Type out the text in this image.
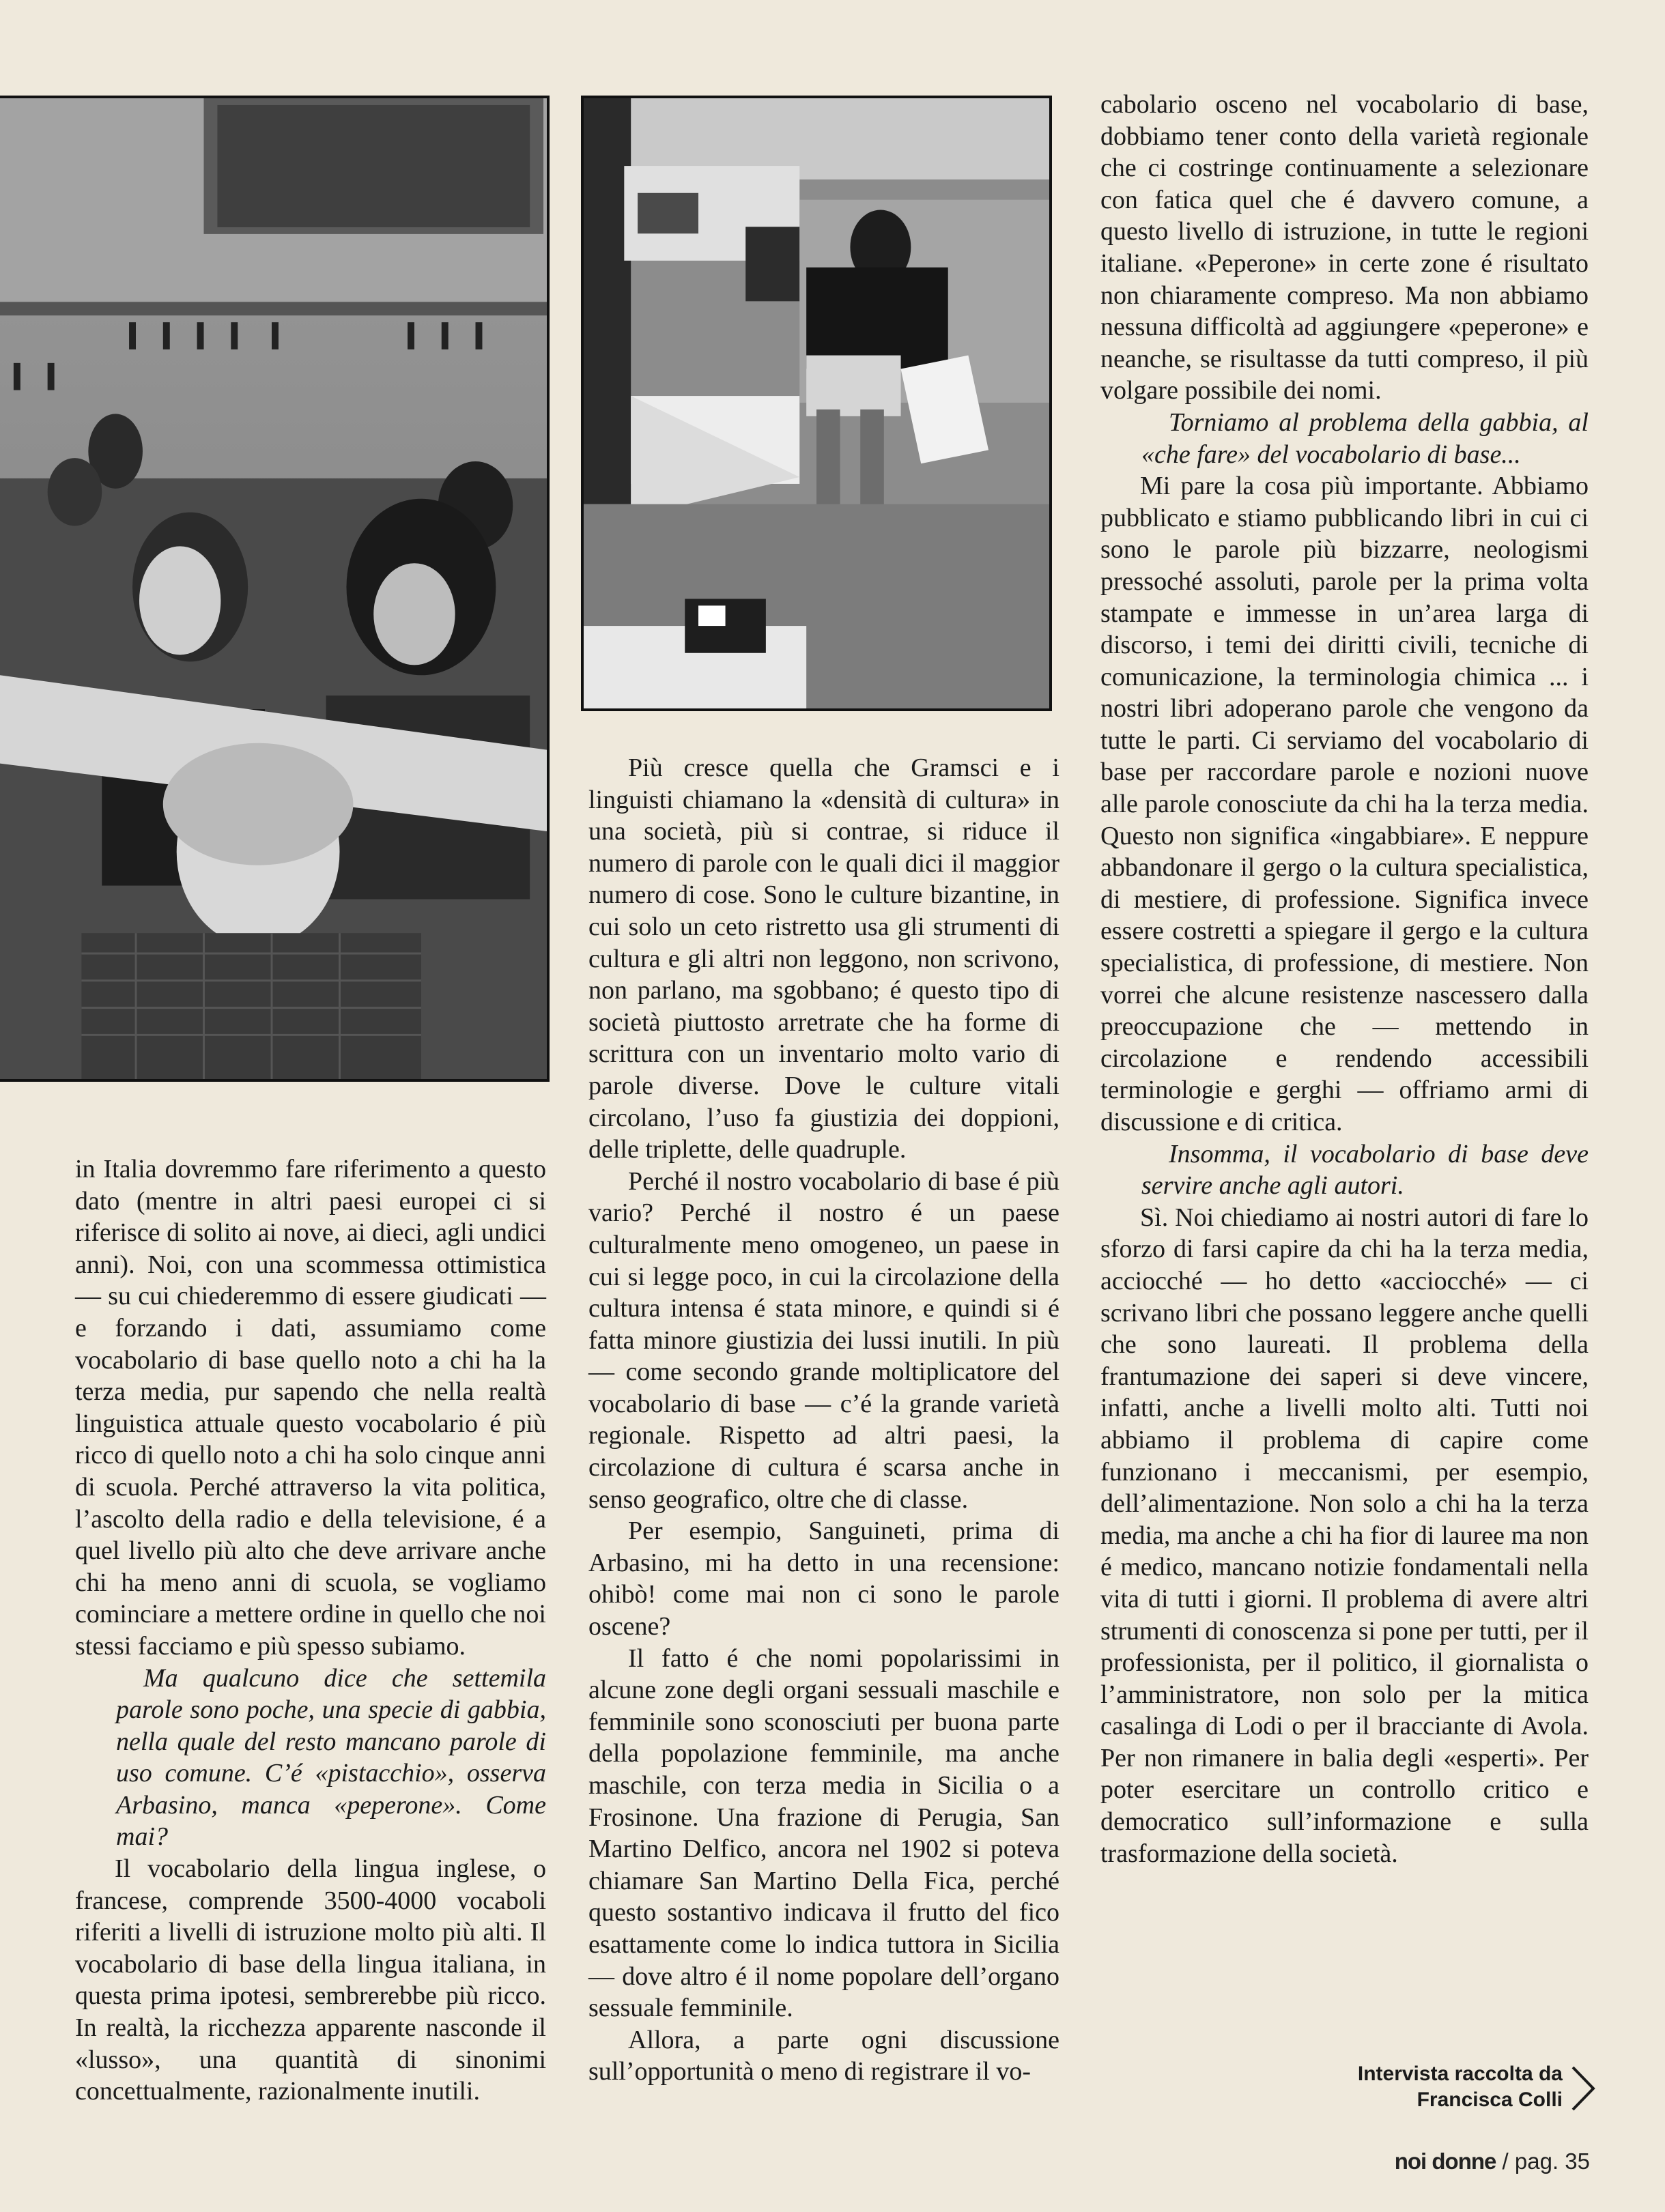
in Italia dovremmo fare riferimento a questo dato (mentre in altri paesi europei ci si riferisce di solito ai nove, ai dieci, agli undici anni). Noi, con una scommessa ottimistica — su cui chiederemmo di essere giudicati — e forzando i dati, assumiamo come vocabolario di base quello noto a chi ha la terza media, pur sapendo che nella realtà linguistica attuale questo vocabolario é più ricco di quello noto a chi ha solo cinque anni di scuola. Perché attraverso la vita politica, l’ascolto della radio e della televisione, é a quel livello più alto che deve arrivare anche chi ha meno anni di scuola, se vogliamo cominciare a mettere ordine in quello che noi stessi facciamo e più spesso subiamo.

Ma qualcuno dice che settemila parole sono poche, una specie di gabbia, nella quale del resto mancano parole di uso comune. C’é «pistacchio», osserva Arbasino, manca «peperone». Come mai?

Il vocabolario della lingua inglese, o francese, comprende 3500-4000 vocaboli riferiti a livelli di istruzione molto più alti. Il vocabolario di base della lingua italiana, in questa prima ipotesi, sembrerebbe più ricco. In realtà, la ricchezza apparente nasconde il «lusso», una quantità di sinonimi concettualmente, razionalmente inutili.

Più cresce quella che Gramsci e i linguisti chiamano la «densità di cultura» in una società, più si contrae, si riduce il numero di parole con le quali dici il maggior numero di cose. Sono le culture bizantine, in cui solo un ceto ristretto usa gli strumenti di cultura e gli altri non leggono, non scrivono, non parlano, ma sgobbano; é questo tipo di società piuttosto arretrate che ha forme di scrittura con un inventario molto vario di parole diverse. Dove le culture vitali circolano, l’uso fa giustizia dei doppioni, delle triplette, delle quadruple.

Perché il nostro vocabolario di base é più vario? Perché il nostro é un paese culturalmente meno omogeneo, un paese in cui si legge poco, in cui la circolazione della cultura intensa é stata minore, e quindi si é fatta minore giustizia dei lussi inutili. In più — come secondo grande moltiplicatore del vocabolario di base — c’é la grande varietà regionale. Rispetto ad altri paesi, la circolazione di cultura é scarsa anche in senso geografico, oltre che di classe.

Per esempio, Sanguineti, prima di Arbasino, mi ha detto in una recensione: ohibò! come mai non ci sono le parole oscene?

Il fatto é che nomi popolarissimi in alcune zone degli organi sessuali maschile e femminile sono sconosciuti per buona parte della popolazione femminile, ma anche maschile, con terza media in Sicilia o a Frosinone. Una frazione di Perugia, San Martino Delfico, ancora nel 1902 si poteva chiamare San Martino Della Fica, perché questo sostantivo indicava il frutto del fico esattamente come lo indica tuttora in Sicilia — dove altro é il nome popolare dell’organo sessuale femminile.

Allora, a parte ogni discussione sull’opportunità o meno di registrare il vo-

cabolario osceno nel vocabolario di base, dobbiamo tener conto della varietà regionale che ci costringe continuamente a selezionare con fatica quel che é davvero comune, a questo livello di istruzione, in tutte le regioni italiane. «Peperone» in certe zone é risultato non chiaramente compreso. Ma non abbiamo nessuna difficoltà ad aggiungere «peperone» e neanche, se risultasse da tutti compreso, il più volgare possibile dei nomi.

Torniamo al problema della gabbia, al «che fare» del vocabolario di base...

Mi pare la cosa più importante. Abbiamo pubblicato e stiamo pubblicando libri in cui ci sono le parole più bizzarre, neologismi pressoché assoluti, parole per la prima volta stampate e immesse in un’area larga di discorso, i temi dei diritti civili, tecniche di comunicazione, la terminologia chimica ... i nostri libri adoperano parole che vengono da tutte le parti. Ci serviamo del vocabolario di base per raccordare parole e nozioni nuove alle parole conosciute da chi ha la terza media. Questo non significa «ingabbiare». E neppure abbandonare il gergo o la cultura specialistica, di mestiere, di professione. Significa invece essere costretti a spiegare il gergo e la cultura specialistica, di professione, di mestiere. Non vorrei che alcune resistenze nascessero dalla preoccupazione che — mettendo in circolazione e rendendo accessibili terminologie e gerghi — offriamo armi di discussione e di critica.

Insomma, il vocabolario di base deve servire anche agli autori.

Sì. Noi chiediamo ai nostri autori di fare lo sforzo di farsi capire da chi ha la terza media, acciocché — ho detto «acciocché» — ci scrivano libri che possano leggere anche quelli che sono laureati. Il problema della frantumazione dei saperi si deve vincere, infatti, anche a livelli molto alti. Tutti noi abbiamo il problema di capire come funzionano i meccanismi, per esempio, dell’alimentazione. Non solo a chi ha la terza media, ma anche a chi ha fior di lauree ma non é medico, mancano notizie fondamentali nella vita di tutti i giorni. Il problema di avere altri strumenti di conoscenza si pone per tutti, per il professionista, per il politico, il giornalista o l’amministratore, non solo per la mitica casalinga di Lodi o per il bracciante di Avola. Per non rimanere in balia degli «esperti». Per poter esercitare un controllo critico e democratico sull’informazione e sulla trasformazione della società.

Intervista raccolta da
Francisca Colli
noi donne / pag. 35
